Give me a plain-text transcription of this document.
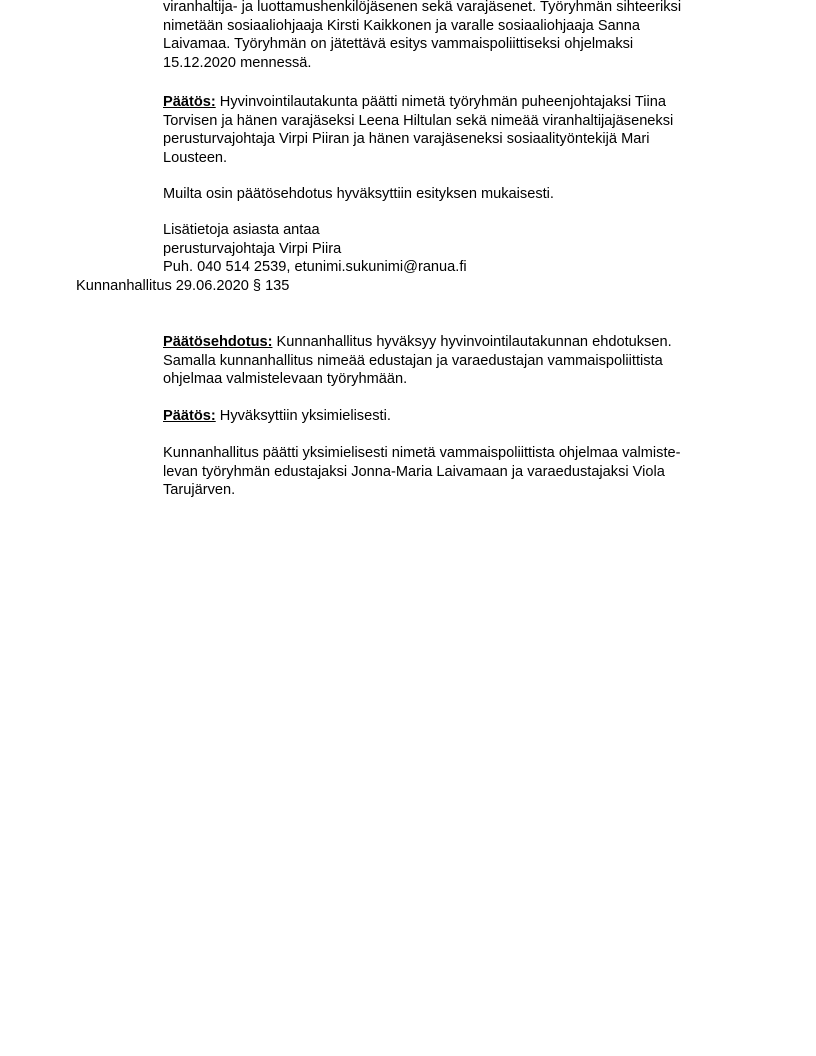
viranhaltija- ja luottamushenkilöjäsenen sekä varajäsenet. Työryhmän sihteeriksi
nimetään sosiaaliohjaaja Kirsti Kaikkonen ja varalle sosiaaliohjaaja Sanna
Laivamaa. Työryhmän on jätettävä esitys vammaispoliittiseksi ohjelmaksi
15.12.2020 mennessä.
Päätös: Hyvinvointilautakunta päätti nimetä työryhmän puheenjohtajaksi Tiina
Torvisen ja hänen varajäseksi Leena Hiltulan sekä nimeää viranhaltijajäseneksi
perusturvajohtaja Virpi Piiran ja hänen varajäseneksi sosiaalityöntekijä Mari
Lousteen.
Muilta osin päätösehdotus hyväksyttiin esityksen mukaisesti.
Lisätietoja asiasta antaa
perusturvajohtaja Virpi Piira
Puh. 040 514 2539, etunimi.sukunimi@ranua.fi
Kunnanhallitus 29.06.2020 § 135
Päätösehdotus: Kunnanhallitus hyväksyy hyvinvointilautakunnan ehdotuksen.
Samalla kunnanhallitus nimeää edustajan ja varaedustajan vammaispoliittista
ohjelmaa valmistelevaan työryhmään.
Päätös: Hyväksyttiin yksimielisesti.
Kunnanhallitus päätti yksimielisesti nimetä vammaispoliittista ohjelmaa valmiste-
levan työryhmän edustajaksi Jonna-Maria Laivamaan ja varaedustajaksi Viola
Tarujärven.
